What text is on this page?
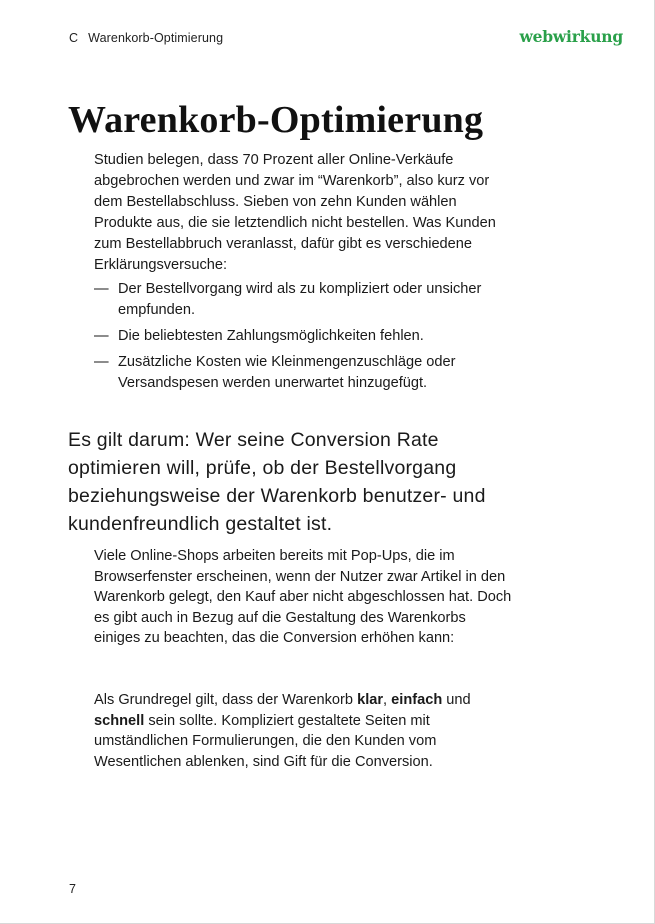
C Warenkorb-Optimierung	webwirkung
Warenkorb-Optimierung

Studien belegen, dass 70 Prozent aller Online-Verkäufe abgebrochen werden und zwar im “Warenkorb”, also kurz vor dem Bestellabschluss. Sieben von zehn Kunden wählen Produkte aus, die sie letztendlich nicht bestellen. Was Kunden zum Bestellabbruch veranlasst, dafür gibt es verschiedene Erklärungsversuche:

— Der Bestellvorgang wird als zu kompliziert oder unsicher empfunden.
— Die beliebtesten Zahlungsmöglichkeiten fehlen.
— Zusätzliche Kosten wie Kleinmengenzuschläge oder Versandspesen werden unerwartet hinzugefügt.

Es gilt darum: Wer seine Conversion Rate optimieren will, prüfe, ob der Bestellvorgang beziehungsweise der Warenkorb benutzer- und kundenfreundlich gestaltet ist.

Viele Online-Shops arbeiten bereits mit Pop-Ups, die im Browserfenster erscheinen, wenn der Nutzer zwar Artikel in den Warenkorb gelegt, den Kauf aber nicht abgeschlossen hat. Doch es gibt auch in Bezug auf die Gestaltung des Warenkorbs einiges zu beachten, das die Conversion erhöhen kann:

Als Grundregel gilt, dass der Warenkorb klar, einfach und schnell sein sollte. Kompliziert gestaltete Seiten mit umständlichen Formulierungen, die den Kunden vom Wesentlichen ablenken, sind Gift für die Conversion.

7
